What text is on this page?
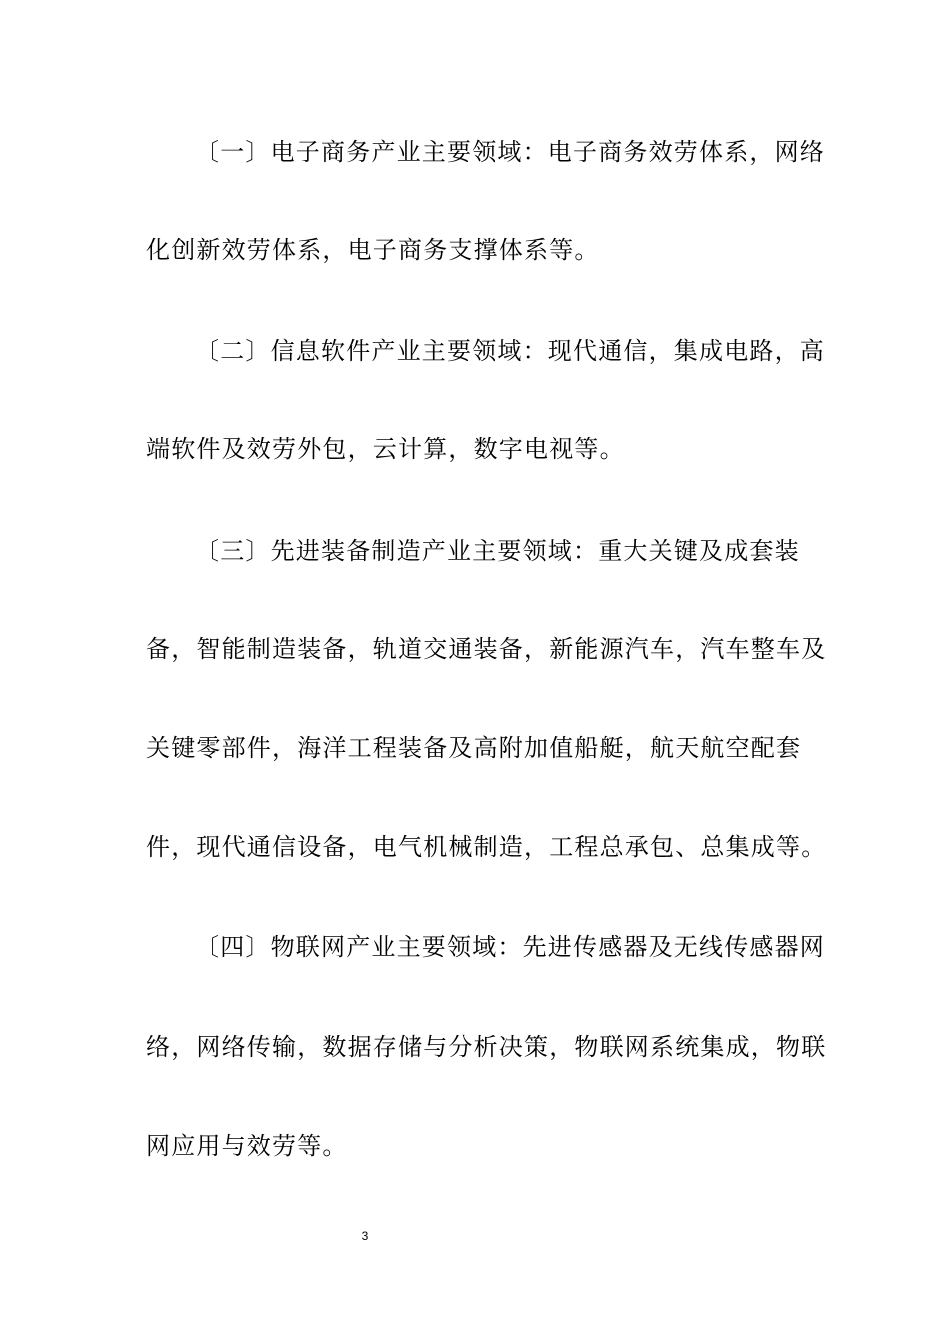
〔一〕电子商务产业主要领域：电子商务效劳体系，网络
化创新效劳体系，电子商务支撑体系等。
〔二〕信息软件产业主要领域：现代通信，集成电路，高
端软件及效劳外包，云计算，数字电视等。
〔三〕先进装备制造产业主要领域：重大关键及成套装
备，智能制造装备，轨道交通装备，新能源汽车，汽车整车及
关键零部件，海洋工程装备及高附加值船艇，航天航空配套
件，现代通信设备，电气机械制造，工程总承包、总集成等。
〔四〕物联网产业主要领域：先进传感器及无线传感器网
络，网络传输，数据存储与分析决策，物联网系统集成，物联
网应用与效劳等。
3
